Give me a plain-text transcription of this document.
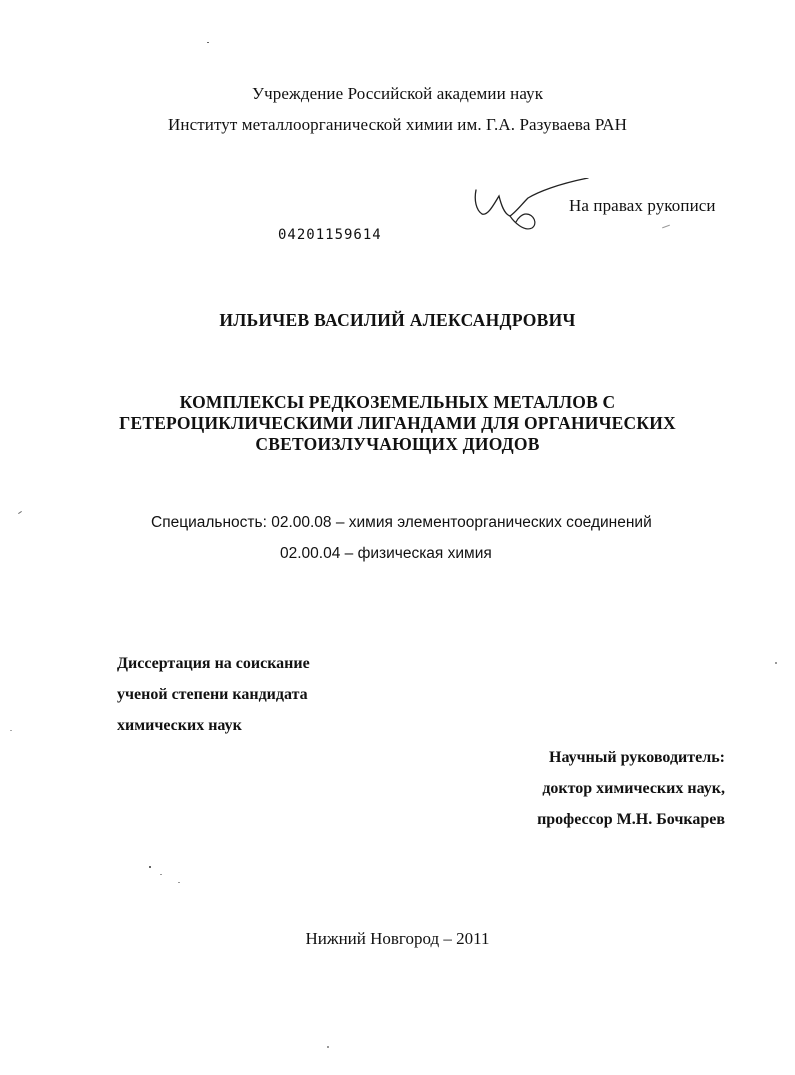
Учреждение Российской академии наук
Институт металлоорганической химии им. Г.А. Разуваева РАН
На правах рукописи
04201159614
ИЛЬИЧЕВ ВАСИЛИЙ АЛЕКСАНДРОВИЧ
КОМПЛЕКСЫ РЕДКОЗЕМЕЛЬНЫХ МЕТАЛЛОВ С
ГЕТЕРОЦИКЛИЧЕСКИМИ ЛИГАНДАМИ ДЛЯ ОРГАНИЧЕСКИХ
СВЕТОИЗЛУЧАЮЩИХ ДИОДОВ
Специальность: 02.00.08 – химия элементоорганических соединений
02.00.04 – физическая химия
Диссертация на соискание
ученой степени кандидата
химических наук
Научный руководитель:
доктор химических наук,
профессор М.Н. Бочкарев
Нижний Новгород – 2011
